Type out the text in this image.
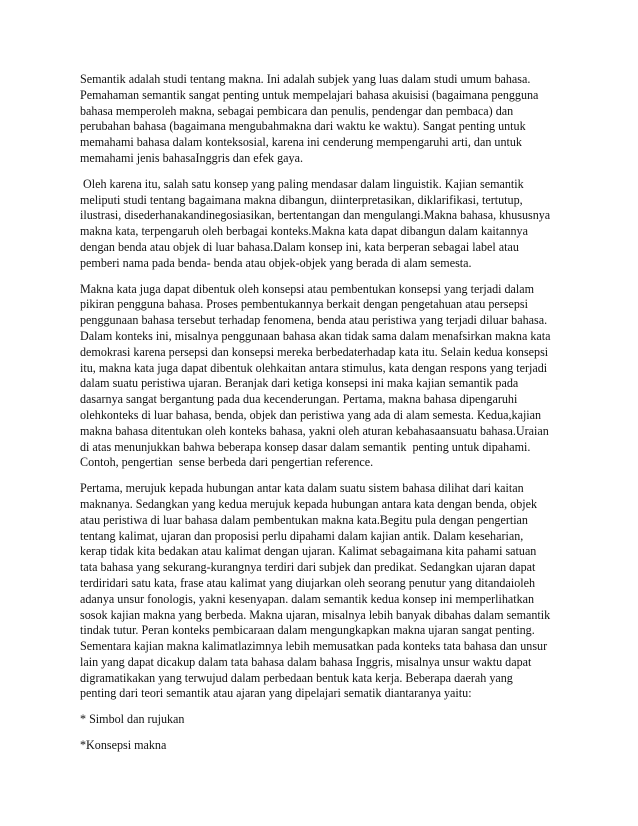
Semantik adalah studi tentang makna. Ini adalah subjek yang luas dalam studi umum bahasa.
Pemahaman semantik sangat penting untuk mempelajari bahasa akuisisi (bagaimana pengguna
bahasa memperoleh makna, sebagai pembicara dan penulis, pendengar dan pembaca) dan
perubahan bahasa (bagaimana mengubahmakna dari waktu ke waktu). Sangat penting untuk
memahami bahasa dalam konteksosial, karena ini cenderung mempengaruhi arti, dan untuk
memahami jenis bahasaInggris dan efek gaya.

Oleh karena itu, salah satu konsep yang paling mendasar dalam linguistik. Kajian semantik
meliputi studi tentang bagaimana makna dibangun, diinterpretasikan, diklarifikasi, tertutup,
ilustrasi, disederhanakandinegosiasikan, bertentangan dan mengulangi.Makna bahasa, khususnya
makna kata, terpengaruh oleh berbagai konteks.Makna kata dapat dibangun dalam kaitannya
dengan benda atau objek di luar bahasa.Dalam konsep ini, kata berperan sebagai label atau
pemberi nama pada benda- benda atau objek-objek yang berada di alam semesta.

Makna kata juga dapat dibentuk oleh konsepsi atau pembentukan konsepsi yang terjadi dalam
pikiran pengguna bahasa. Proses pembentukannya berkait dengan pengetahuan atau persepsi
penggunaan bahasa tersebut terhadap fenomena, benda atau peristiwa yang terjadi diluar bahasa.
Dalam konteks ini, misalnya penggunaan bahasa akan tidak sama dalam menafsirkan makna kata
demokrasi karena persepsi dan konsepsi mereka berbedaterhadap kata itu. Selain kedua konsepsi
itu, makna kata juga dapat dibentuk olehkaitan antara stimulus, kata dengan respons yang terjadi
dalam suatu peristiwa ujaran. Beranjak dari ketiga konsepsi ini maka kajian semantik pada
dasarnya sangat bergantung pada dua kecenderungan. Pertama, makna bahasa dipengaruhi
olehkonteks di luar bahasa, benda, objek dan peristiwa yang ada di alam semesta. Kedua,kajian
makna bahasa ditentukan oleh konteks bahasa, yakni oleh aturan kebahasaansuatu bahasa.Uraian
di atas menunjukkan bahwa beberapa konsep dasar dalam semantik  penting untuk dipahami.
Contoh, pengertian  sense berbeda dari pengertian reference.

Pertama, merujuk kepada hubungan antar kata dalam suatu sistem bahasa dilihat dari kaitan
maknanya. Sedangkan yang kedua merujuk kepada hubungan antara kata dengan benda, objek
atau peristiwa di luar bahasa dalam pembentukan makna kata.Begitu pula dengan pengertian
tentang kalimat, ujaran dan proposisi perlu dipahami dalam kajian antik. Dalam keseharian,
kerap tidak kita bedakan atau kalimat dengan ujaran. Kalimat sebagaimana kita pahami satuan
tata bahasa yang sekurang-kurangnya terdiri dari subjek dan predikat. Sedangkan ujaran dapat
terdiridari satu kata, frase atau kalimat yang diujarkan oleh seorang penutur yang ditandaioleh
adanya unsur fonologis, yakni kesenyapan. dalam semantik kedua konsep ini memperlihatkan
sosok kajian makna yang berbeda. Makna ujaran, misalnya lebih banyak dibahas dalam semantik
tindak tutur. Peran konteks pembicaraan dalam mengungkapkan makna ujaran sangat penting.
Sementara kajian makna kalimatlazimnya lebih memusatkan pada konteks tata bahasa dan unsur
lain yang dapat dicakup dalam tata bahasa dalam bahasa Inggris, misalnya unsur waktu dapat
digramatikakan yang terwujud dalam perbedaan bentuk kata kerja. Beberapa daerah yang
penting dari teori semantik atau ajaran yang dipelajari sematik diantaranya yaitu:

* Simbol dan rujukan

*Konsepsi makna
